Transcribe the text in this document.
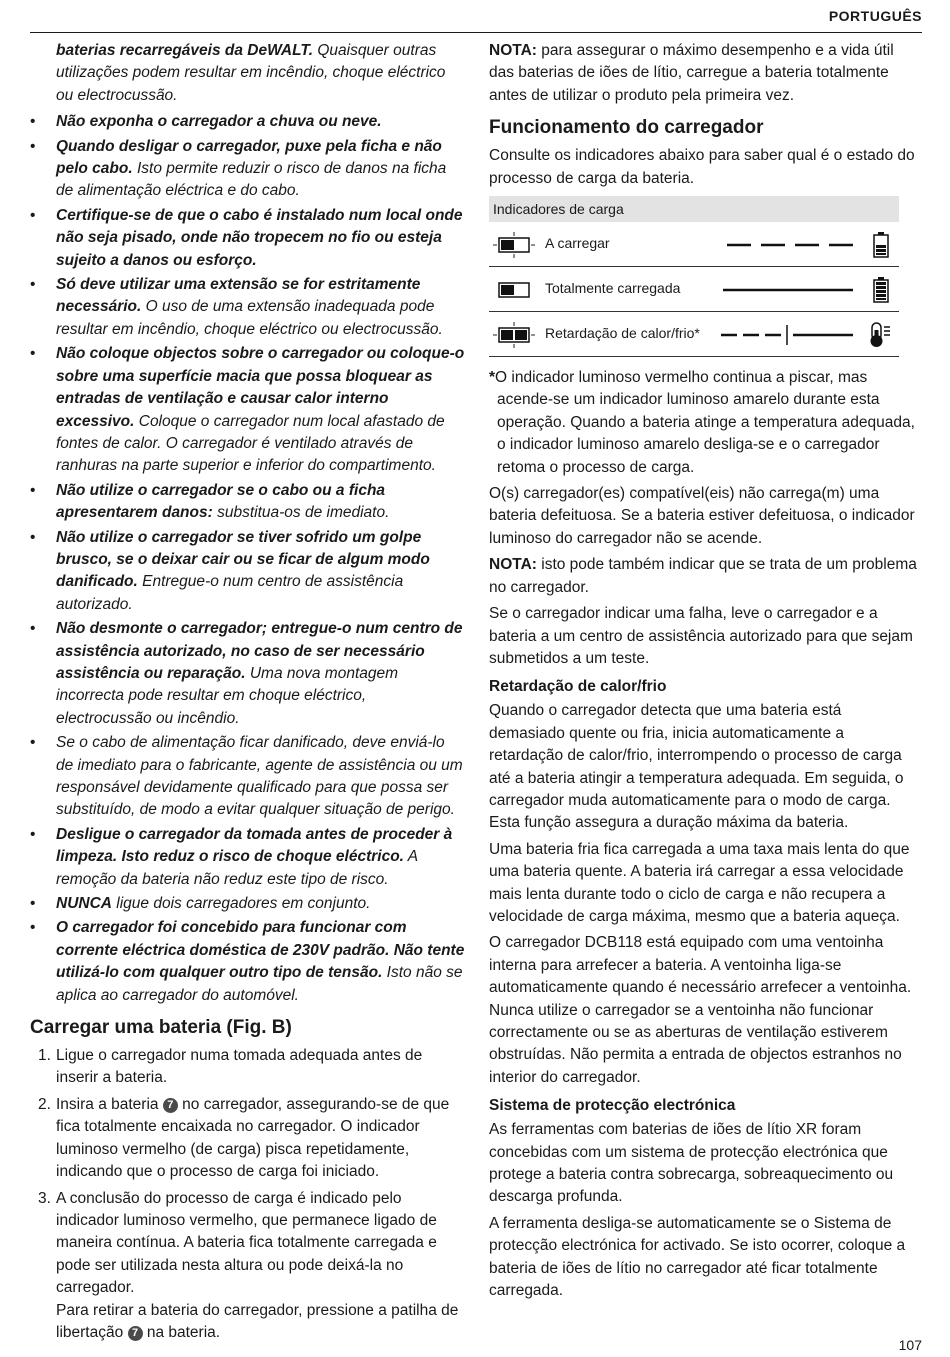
PORTUGUÊS

baterias recarregáveis da DeWALT. Quaisquer outras utilizações podem resultar em incêndio, choque eléctrico ou electrocussão.

• Não exponha o carregador a chuva ou neve.
• Quando desligar o carregador, puxe pela ficha e não pelo cabo. Isto permite reduzir o risco de danos na ficha de alimentação eléctrica e do cabo.
• Certifique-se de que o cabo é instalado num local onde não seja pisado, onde não tropecem no fio ou esteja sujeito a danos ou esforço.
• Só deve utilizar uma extensão se for estritamente necessário. O uso de uma extensão inadequada pode resultar em incêndio, choque eléctrico ou electrocussão.
• Não coloque objectos sobre o carregador ou coloque-o sobre uma superfície macia que possa bloquear as entradas de ventilação e causar calor interno excessivo. Coloque o carregador num local afastado de fontes de calor. O carregador é ventilado através de ranhuras na parte superior e inferior do compartimento.
• Não utilize o carregador se o cabo ou a ficha apresentarem danos: substitua-os de imediato.
• Não utilize o carregador se tiver sofrido um golpe brusco, se o deixar cair ou se ficar de algum modo danificado. Entregue-o num centro de assistência autorizado.
• Não desmonte o carregador; entregue-o num centro de assistência autorizado, no caso de ser necessário assistência ou reparação. Uma nova montagem incorrecta pode resultar em choque eléctrico, electrocussão ou incêndio.
• Se o cabo de alimentação ficar danificado, deve enviá-lo de imediato para o fabricante, agente de assistência ou um responsável devidamente qualificado para que possa ser substituído, de modo a evitar qualquer situação de perigo.
• Desligue o carregador da tomada antes de proceder à limpeza. Isto reduz o risco de choque eléctrico. A remoção da bateria não reduz este tipo de risco.
• NUNCA ligue dois carregadores em conjunto.
• O carregador foi concebido para funcionar com corrente eléctrica doméstica de 230V padrão. Não tente utilizá-lo com qualquer outro tipo de tensão. Isto não se aplica ao carregador do automóvel.
Carregar uma bateria (Fig. B)
1. Ligue o carregador numa tomada adequada antes de inserir a bateria.
2. Insira a bateria 7 no carregador, assegurando-se de que fica totalmente encaixada no carregador. O indicador luminoso vermelho (de carga) pisca repetidamente, indicando que o processo de carga foi iniciado.
3. A conclusão do processo de carga é indicado pelo indicador luminoso vermelho, que permanece ligado de maneira contínua. A bateria fica totalmente carregada e pode ser utilizada nesta altura ou pode deixá-la no carregador.
Para retirar a bateria do carregador, pressione a patilha de libertação 7 na bateria.

NOTA: para assegurar o máximo desempenho e a vida útil das baterias de iões de lítio, carregue a bateria totalmente antes de utilizar o produto pela primeira vez.

Funcionamento do carregador

Consulte os indicadores abaixo para saber qual é o estado do processo de carga da bateria.

Indicadores de carga
A carregar
Totalmente carregada
Retardação de calor/frio*

*O indicador luminoso vermelho continua a piscar, mas acende-se um indicador luminoso amarelo durante esta operação. Quando a bateria atinge a temperatura adequada, o indicador luminoso amarelo desliga-se e o carregador retoma o processo de carga.

O(s) carregador(es) compatível(eis) não carrega(m) uma bateria defeituosa. Se a bateria estiver defeituosa, o indicador luminoso do carregador não se acende.

NOTA: isto pode também indicar que se trata de um problema no carregador.

Se o carregador indicar uma falha, leve o carregador e a bateria a um centro de assistência autorizado para que sejam submetidos a um teste.

Retardação de calor/frio

Quando o carregador detecta que uma bateria está demasiado quente ou fria, inicia automaticamente a retardação de calor/frio, interrompendo o processo de carga até a bateria atingir a temperatura adequada. Em seguida, o carregador muda automaticamente para o modo de carga. Esta função assegura a duração máxima da bateria.

Uma bateria fria fica carregada a uma taxa mais lenta do que uma bateria quente. A bateria irá carregar a essa velocidade mais lenta durante todo o ciclo de carga e não recupera a velocidade de carga máxima, mesmo que a bateria aqueça.

O carregador DCB118 está equipado com uma ventoinha interna para arrefecer a bateria. A ventoinha liga-se automaticamente quando é necessário arrefecer a ventoinha. Nunca utilize o carregador se a ventoinha não funcionar correctamente ou se as aberturas de ventilação estiverem obstruídas. Não permita a entrada de objectos estranhos no interior do carregador.

Sistema de protecção electrónica

As ferramentas com baterias de iões de lítio XR foram concebidas com um sistema de protecção electrónica que protege a bateria contra sobrecarga, sobreaquecimento ou descarga profunda.

A ferramenta desliga-se automaticamente se o Sistema de protecção electrónica for activado. Se isto ocorrer, coloque a bateria de iões de lítio no carregador até ficar totalmente carregada.

107
